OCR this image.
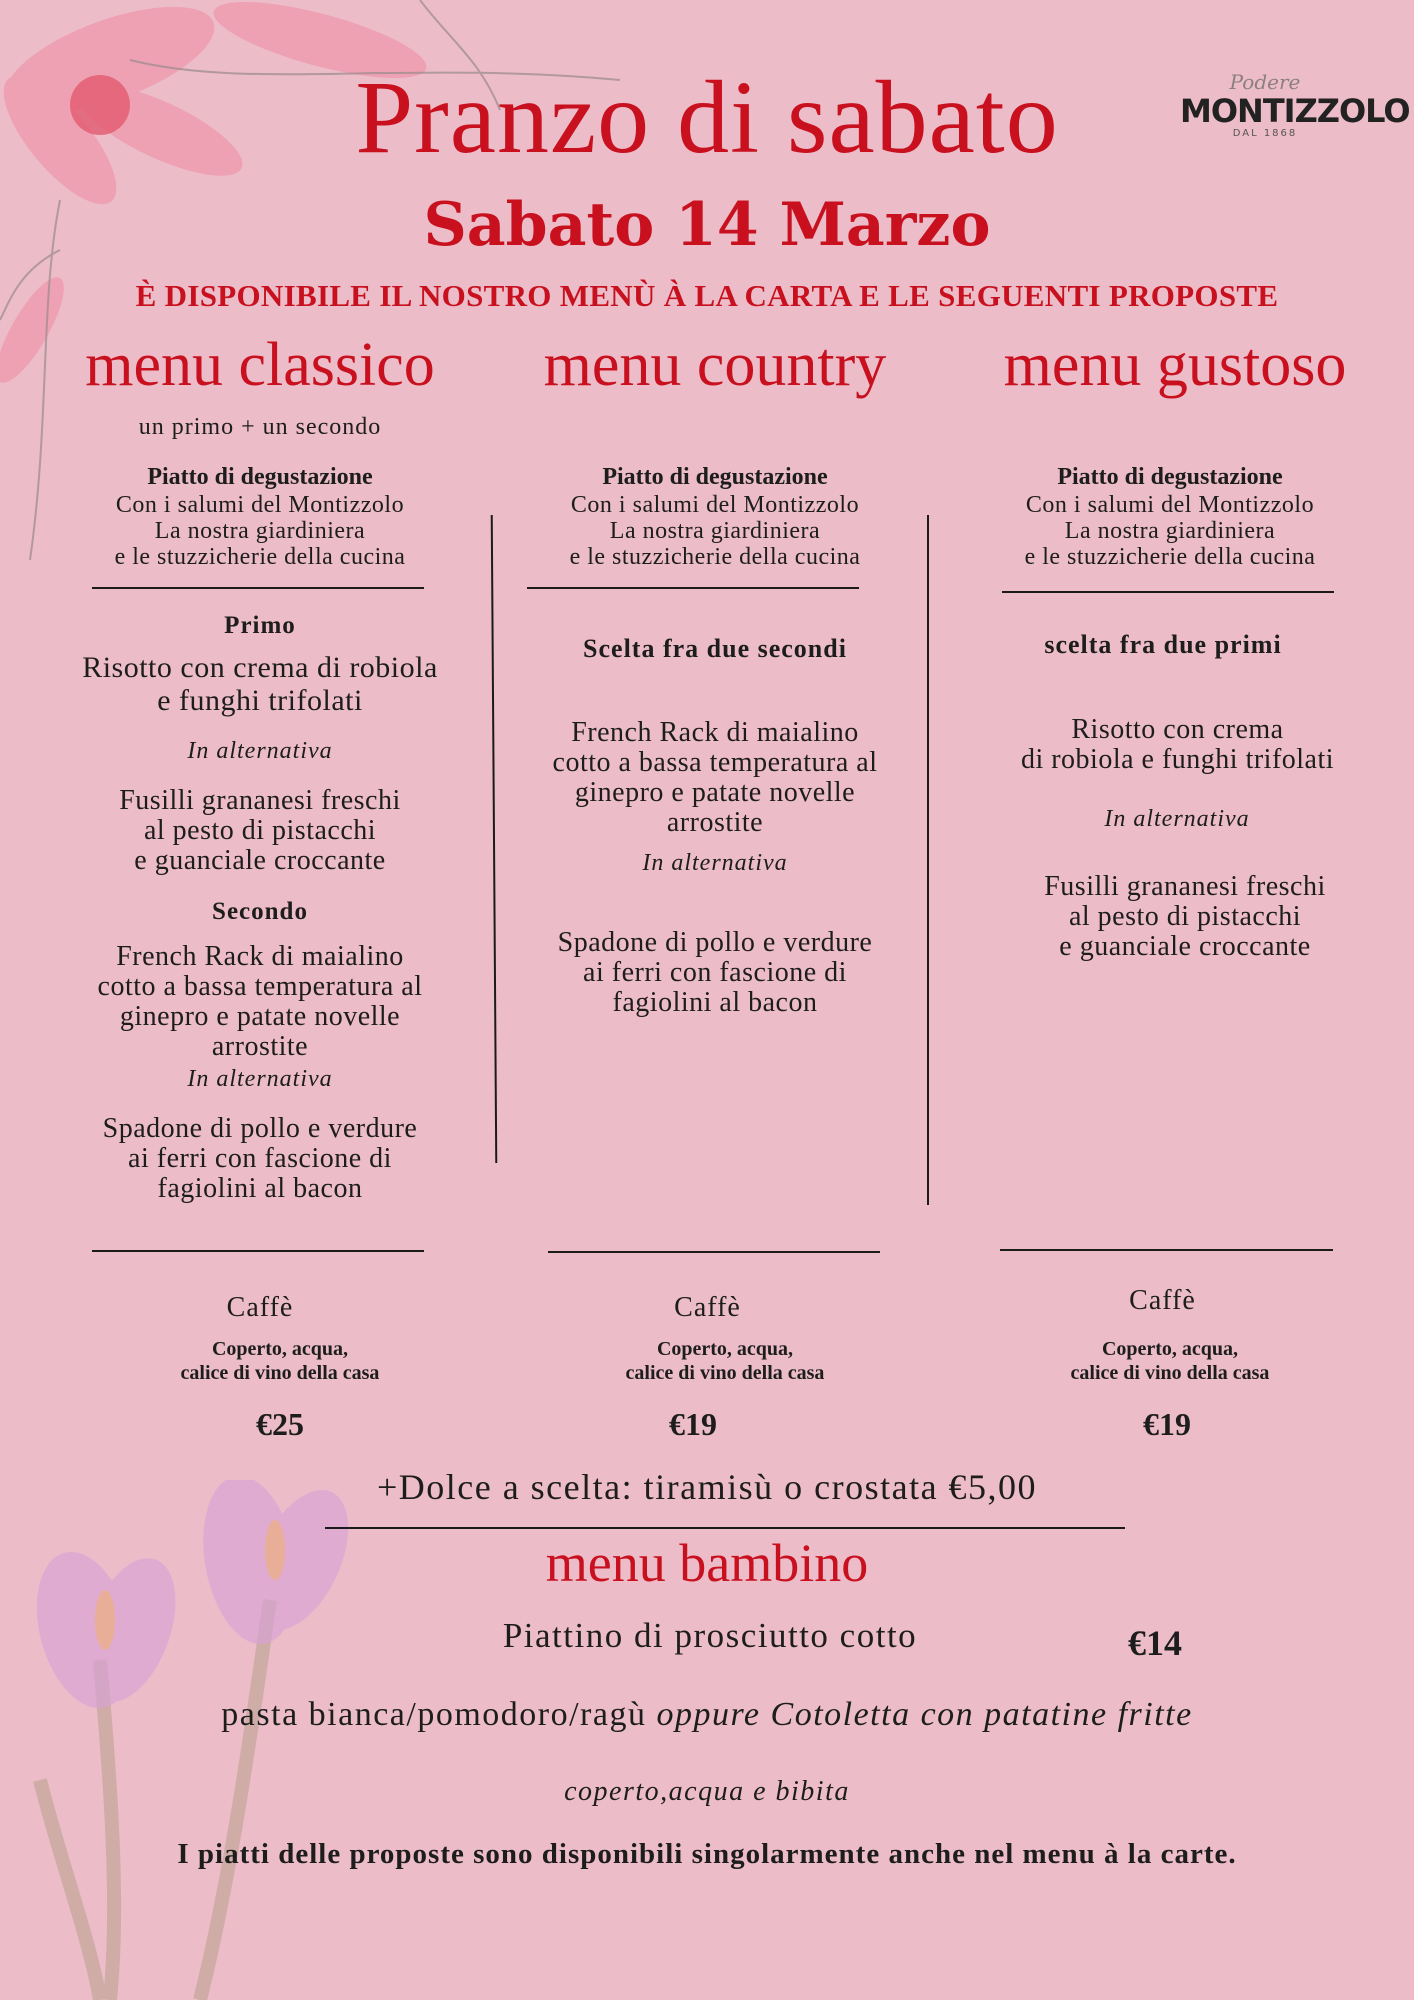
Pranzo di sabato
Sabato 14 Marzo
È DISPONIBILE IL NOSTRO MENÙ À LA CARTA E LE SEGUENTI PROPOSTE
Podere
MONTIZZOLO
DAL 1868
menu classico	menu country	menu gustoso
un primo + un secondo
Piatto di degustazione
Con i salumi del Montizzolo
La nostra giardiniera
e le stuzzicherie della cucina
Primo
Risotto con crema di robiola
e funghi trifolati
In alternativa
Fusilli grananesi freschi
al pesto di pistacchi
e guanciale croccante
Secondo
French Rack di maialino
cotto a bassa temperatura al
ginepro e patate novelle
arrostite
In alternativa
Spadone di pollo e verdure
ai ferri con fascione di
fagiolini al bacon
Caffè
Coperto, acqua,
calice di vino della casa
€25
Piatto di degustazione
Con i salumi del Montizzolo
La nostra giardiniera
e le stuzzicherie della cucina
Scelta fra due secondi
French Rack di maialino
cotto a bassa temperatura al
ginepro e patate novelle
arrostite
In alternativa
Spadone di pollo e verdure
ai ferri con fascione di
fagiolini al bacon
Caffè
Coperto, acqua,
calice di vino della casa
€19
Piatto di degustazione
Con i salumi del Montizzolo
La nostra giardiniera
e le stuzzicherie della cucina
scelta fra due primi
Risotto con crema
di robiola e funghi trifolati
In alternativa
Fusilli grananesi freschi
al pesto di pistacchi
e guanciale croccante
Caffè
Coperto, acqua,
calice di vino della casa
€19
+Dolce a scelta: tiramisù o crostata €5,00
menu bambino
Piattino di prosciutto cotto	€14
pasta bianca/pomodoro/ragù oppure Cotoletta con patatine fritte
coperto,acqua e bibita
I piatti delle proposte sono disponibili singolarmente anche nel menu à la carte.
